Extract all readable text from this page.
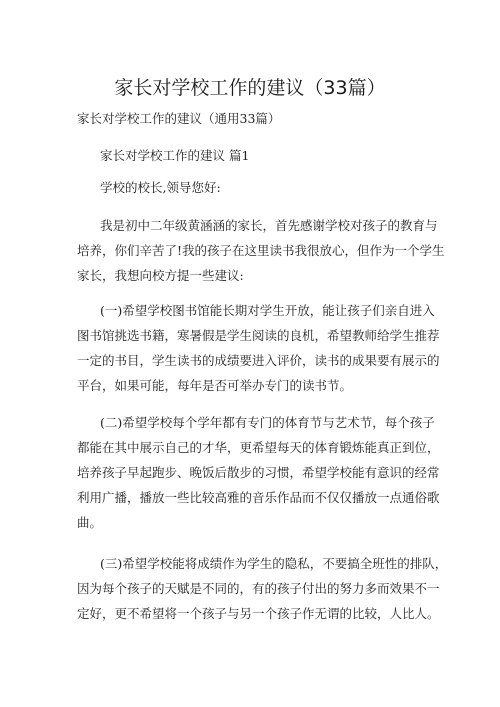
家长对学校工作的建议（33篇）
家长对学校工作的建议（通用33篇）
家长对学校工作的建议 篇1
学校的校长,领导您好:
我是初中二年级黄涵涵的家长，首先感谢学校对孩子的教育与
培养，你们辛苦了!我的孩子在这里读书我很放心，但作为一个学生
家长，我想向校方提一些建议:
(一)希望学校图书馆能长期对学生开放，能让孩子们亲自进入
图书馆挑选书籍，寒暑假是学生阅读的良机，希望教师给学生推荐
一定的书目，学生读书的成绩要进入评价，读书的成果要有展示的
平台，如果可能，每年是否可举办专门的读书节。
(二)希望学校每个学年都有专门的体育节与艺术节，每个孩子
都能在其中展示自己的才华，更希望每天的体育锻炼能真正到位，
培养孩子早起跑步、晚饭后散步的习惯，希望学校能有意识的经常
利用广播，播放一些比较高雅的音乐作品而不仅仅播放一点通俗歌
曲。
(三)希望学校能将成绩作为学生的隐私，不要搞全班性的排队，
因为每个孩子的天赋是不同的，有的孩子付出的努力多而效果不一
定好，更不希望将一个孩子与另一个孩子作无谓的比较，人比人。
